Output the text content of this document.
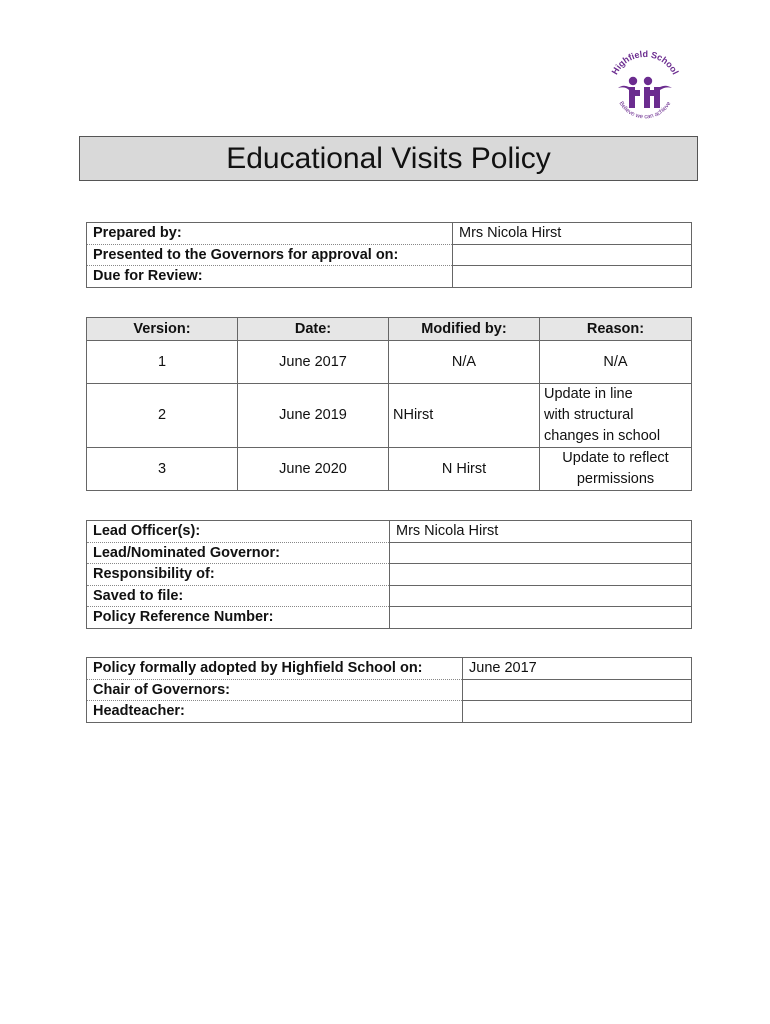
Highfield School
Believe we can achieve
Educational Visits Policy
Prepared by:	Mrs Nicola Hirst
Presented to the Governors for approval on:	
Due for Review:	
Version:	Date:	Modified by:	Reason:
1	June 2017	N/A	N/A

2	June 2019	NHirst	Update in line
with structural
changes in school

3	June 2020	N Hirst	Update to reflect
permissions
Lead Officer(s):	Mrs Nicola Hirst
Lead/Nominated Governor:	
Responsibility of:	
Saved to file:	
Policy Reference Number:	
Policy formally adopted by Highfield School on:	June 2017
Chair of Governors:	
Headteacher:	
